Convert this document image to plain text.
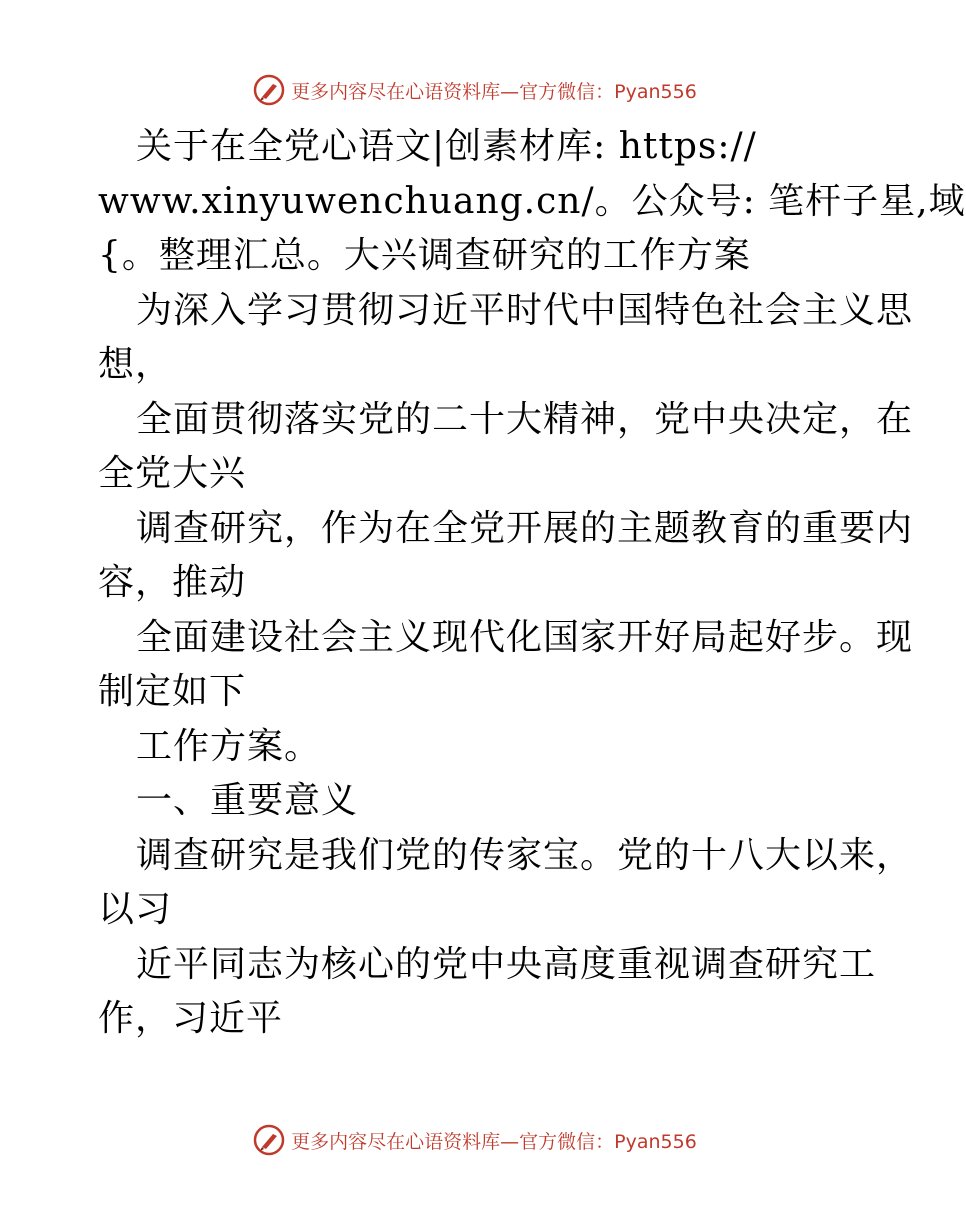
更多内容尽在心语资料库—官方微信：Pyan556
关于在全党心语文|创素材库: https://
www.xinyuwenchuang.cn/。公众号: 笔杆子星,域
{。整理汇总。大兴调查研究的工作方案
为深入学习贯彻习近平时代中国特色社会主义思
想，
全面贯彻落实党的二十大精神，党中央决定，在
全党大兴
调查研究，作为在全党开展的主题教育的重要内
容，推动
全面建设社会主义现代化国家开好局起好步。现
制定如下
工作方案。
一、重要意义
调查研究是我们党的传家宝。党的十八大以来，
以习
近平同志为核心的党中央高度重视调查研究工
作，习近平
更多内容尽在心语资料库—官方微信：Pyan556
